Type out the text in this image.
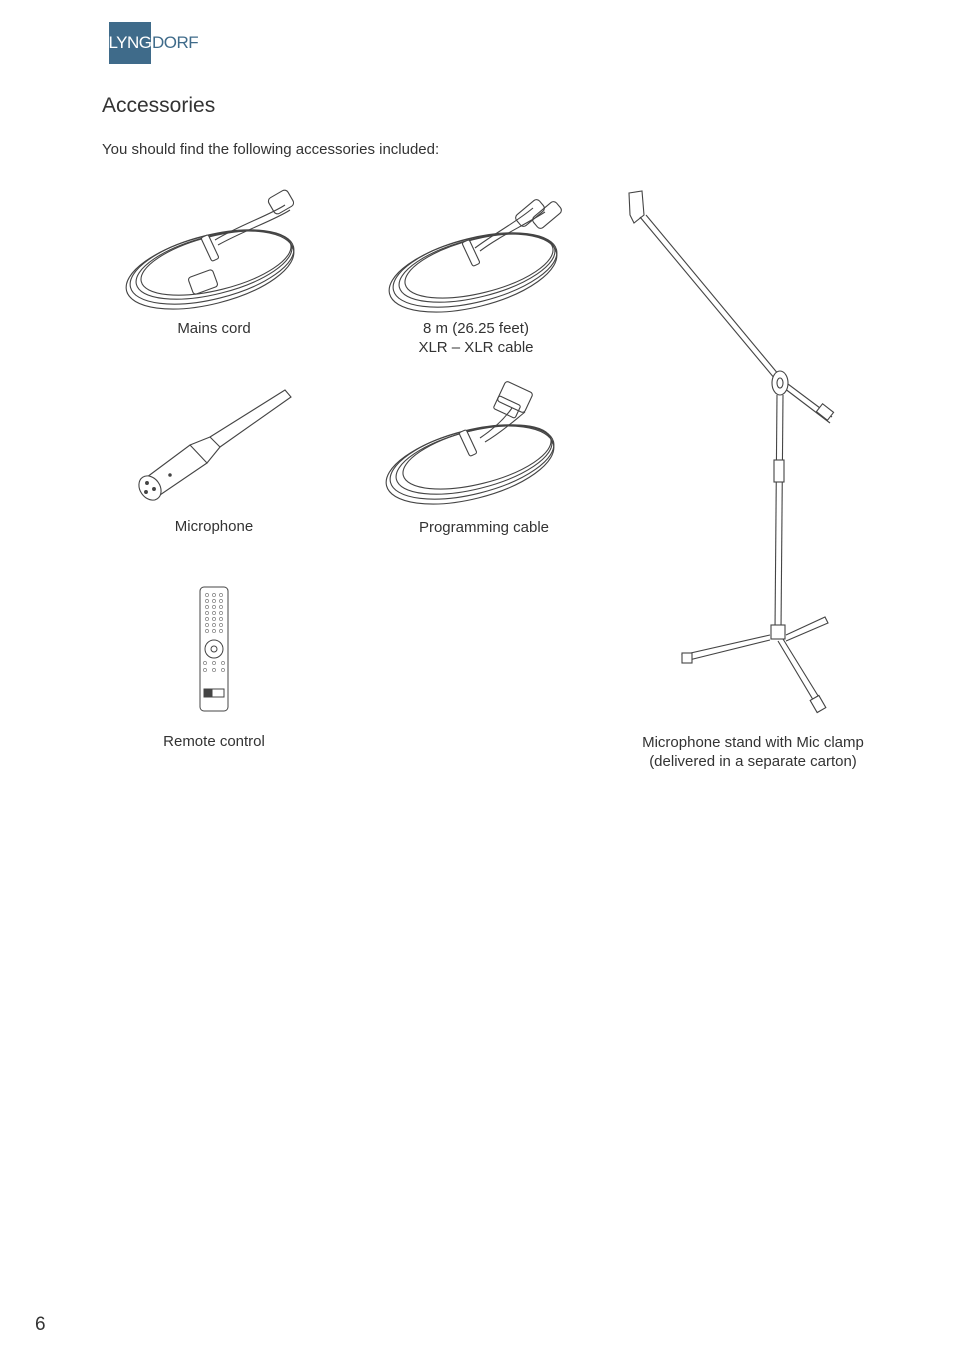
LYNG DORF
Accessories

You should find the following accessories included:

Mains cord	8 m (26.25 feet)
XLR – XLR cable
Microphone	Programming cable
Remote control	Microphone stand with Mic clamp
(delivered in a separate carton)
6
